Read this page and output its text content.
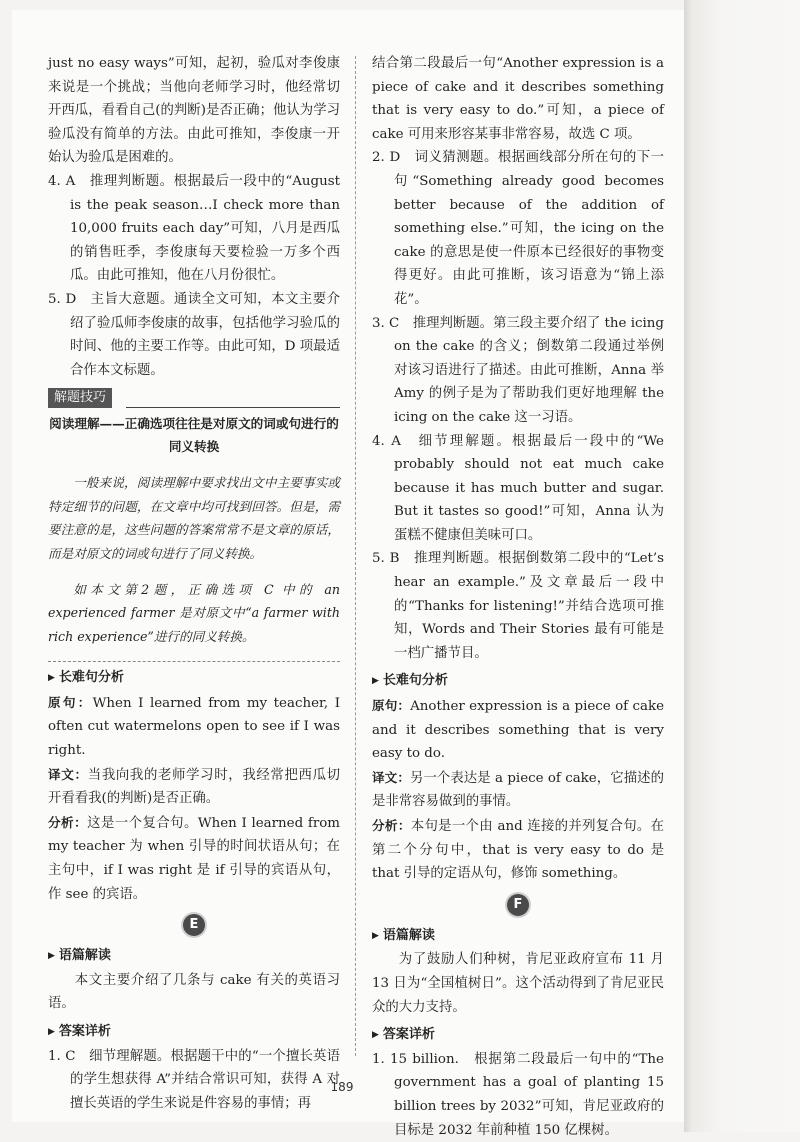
just no easy ways”可知，起初，验瓜对李俊康来说是一个挑战；当他向老师学习时，他经常切开西瓜，看看自己(的判断)是否正确；他认为学习验瓜没有简单的方法。由此可推知，李俊康一开始认为验瓜是困难的。

4. A　推理判断题。根据最后一段中的“August is the peak season…I check more than 10,000 fruits each day”可知，八月是西瓜的销售旺季，李俊康每天要检验一万多个西瓜。由此可推知，他在八月份很忙。

5. D　主旨大意题。通读全文可知，本文主要介绍了验瓜师李俊康的故事，包括他学习验瓜的时间、他的主要工作等。由此可知，D 项最适合作本文标题。

解题技巧
阅读理解——正确选项往往是对原文的词或句进行的同义转换

一般来说，阅读理解中要求找出文中主要事实或特定细节的问题，在文章中均可找到回答。但是，需要注意的是，这些问题的答案常常不是文章的原话，而是对原文的词或句进行了同义转换。

如本文第2题，正确选项 C 中的 an experienced farmer 是对原文中“a farmer with rich experience”进行的同义转换。

▶ 长难句分析

原句：When I learned from my teacher, I often cut watermelons open to see if I was right.

译文：当我向我的老师学习时，我经常把西瓜切开看看我(的判断)是否正确。

分析：这是一个复合句。When I learned from my teacher 为 when 引导的时间状语从句；在主句中，if I was right 是 if 引导的宾语从句，作 see 的宾语。

E
▶ 语篇解读

本文主要介绍了几条与 cake 有关的英语习语。

▶ 答案详析

1. C　细节理解题。根据题干中的“一个擅长英语的学生想获得 A”并结合常识可知，获得 A 对擅长英语的学生来说是件容易的事情；再

结合第二段最后一句“Another expression is a piece of cake and it describes something that is very easy to do.”可知，a piece of cake 可用来形容某事非常容易，故选 C 项。

2. D　词义猜测题。根据画线部分所在句的下一句“Something already good becomes better because of the addition of something else.”可知，the icing on the cake 的意思是使一件原本已经很好的事物变得更好。由此可推断，该习语意为“锦上添花”。

3. C　推理判断题。第三段主要介绍了 the icing on the cake 的含义；倒数第二段通过举例对该习语进行了描述。由此可推断，Anna 举 Amy 的例子是为了帮助我们更好地理解 the icing on the cake 这一习语。

4. A　细节理解题。根据最后一段中的“We probably should not eat much cake because it has much butter and sugar. But it tastes so good!”可知，Anna 认为蛋糕不健康但美味可口。

5. B　推理判断题。根据倒数第二段中的“Let’s hear an example.”及文章最后一段中的“Thanks for listening!”并结合选项可推知，Words and Their Stories 最有可能是一档广播节目。

▶ 长难句分析

原句：Another expression is a piece of cake and it describes something that is very easy to do.

译文：另一个表达是 a piece of cake，它描述的是非常容易做到的事情。

分析：本句是一个由 and 连接的并列复合句。在第二个分句中，that is very easy to do 是 that 引导的定语从句，修饰 something。

F
▶ 语篇解读

为了鼓励人们种树，肯尼亚政府宣布 11 月 13 日为“全国植树日”。这个活动得到了肯尼亚民众的大力支持。

▶ 答案详析

1. 15 billion.　根据第二段最后一句中的“The government has a goal of planting 15 billion trees by 2032”可知，肯尼亚政府的目标是 2032 年前种植 150 亿棵树。

189
